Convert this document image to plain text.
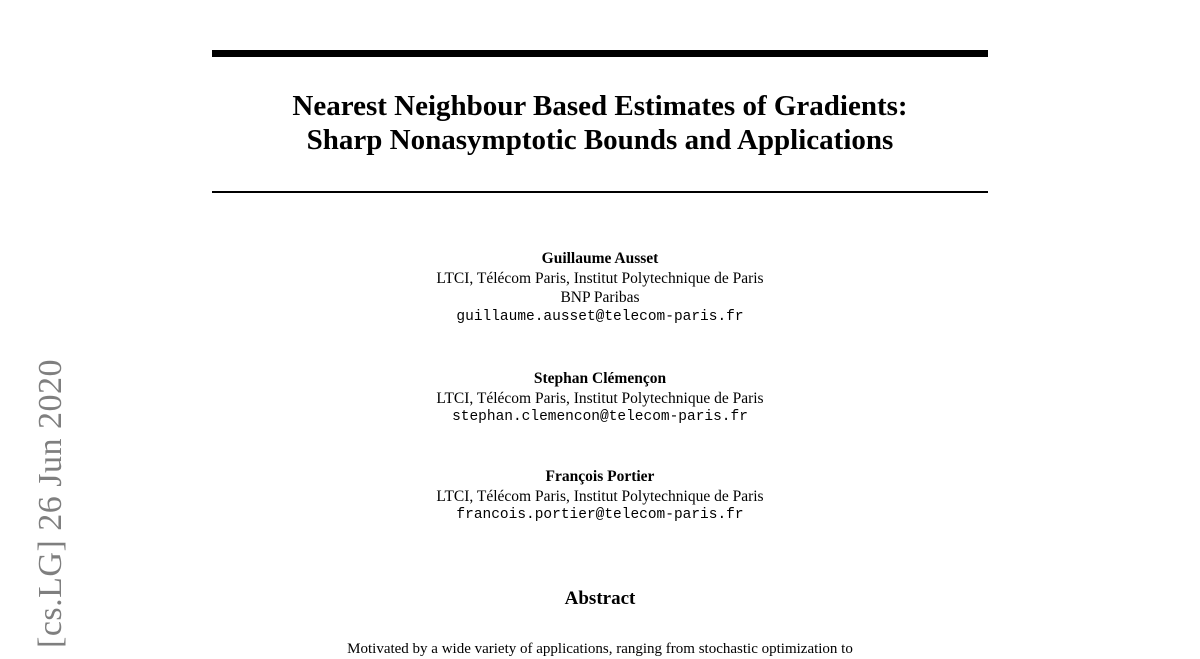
Nearest Neighbour Based Estimates of Gradients:
Sharp Nonasymptotic Bounds and Applications
Guillaume Ausset
LTCI, Télécom Paris, Institut Polytechnique de Paris
BNP Paribas
guillaume.ausset@telecom-paris.fr
Stephan Clémençon
LTCI, Télécom Paris, Institut Polytechnique de Paris
stephan.clemencon@telecom-paris.fr
François Portier
LTCI, Télécom Paris, Institut Polytechnique de Paris
francois.portier@telecom-paris.fr
Abstract
Motivated by a wide variety of applications, ranging from stochastic optimization to
[cs.LG] 26 Jun 2020
